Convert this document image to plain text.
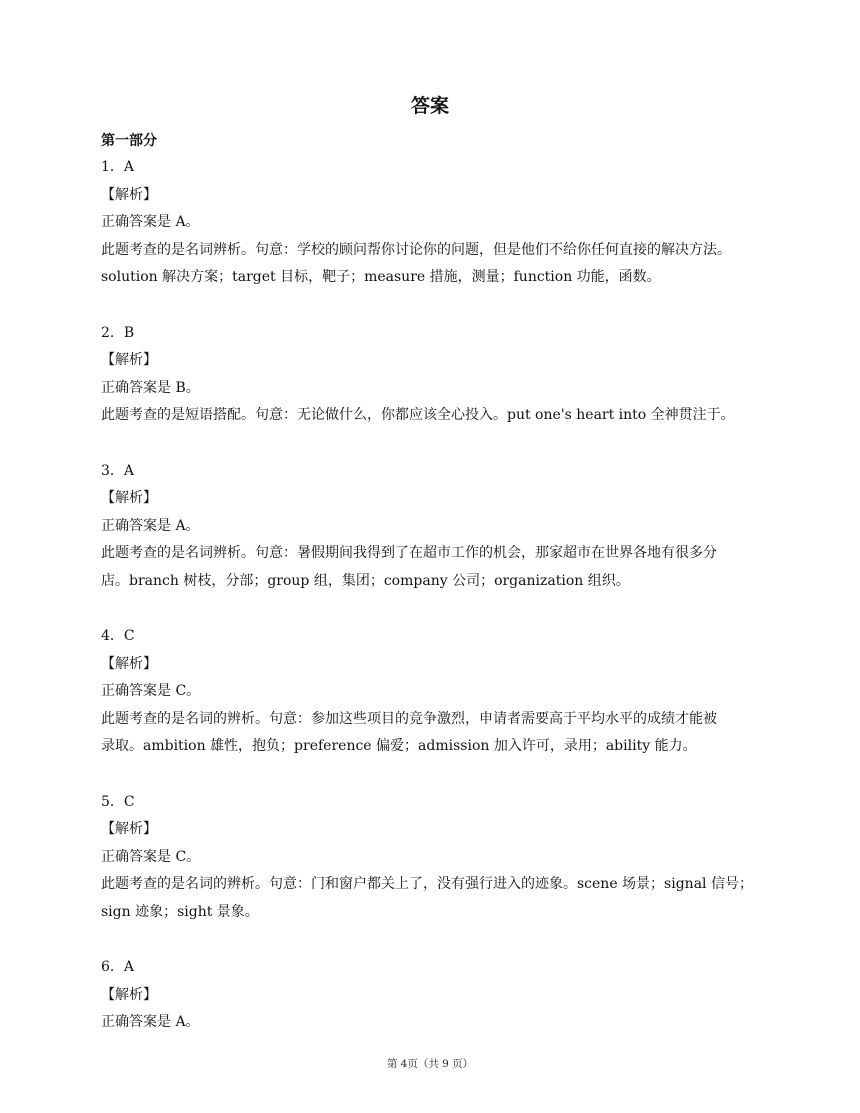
答案

第一部分

1．A

【解析】

正确答案是 A。

此题考查的是名词辨析。句意：学校的顾问帮你讨论你的问题，但是他们不给你任何直接的解决方法。

solution 解决方案；target 目标，靶子；measure 措施，测量；function 功能，函数。

2．B

【解析】

正确答案是 B。

此题考查的是短语搭配。句意：无论做什么，你都应该全心投入。put one's heart into 全神贯注于。

3．A

【解析】

正确答案是 A。

此题考查的是名词辨析。句意：暑假期间我得到了在超市工作的机会，那家超市在世界各地有很多分

店。branch 树枝，分部；group 组，集团；company 公司；organization 组织。

4．C

【解析】

正确答案是 C。

此题考查的是名词的辨析。句意：参加这些项目的竞争激烈，申请者需要高于平均水平的成绩才能被

录取。ambition 雄性，抱负；preference 偏爱；admission 加入许可，录用；ability 能力。

5．C

【解析】

正确答案是 C。

此题考查的是名词的辨析。句意：门和窗户都关上了，没有强行进入的迹象。scene 场景；signal 信号；

sign 迹象；sight 景象。

6．A

【解析】

正确答案是 A。

第 4页（共 9 页）
